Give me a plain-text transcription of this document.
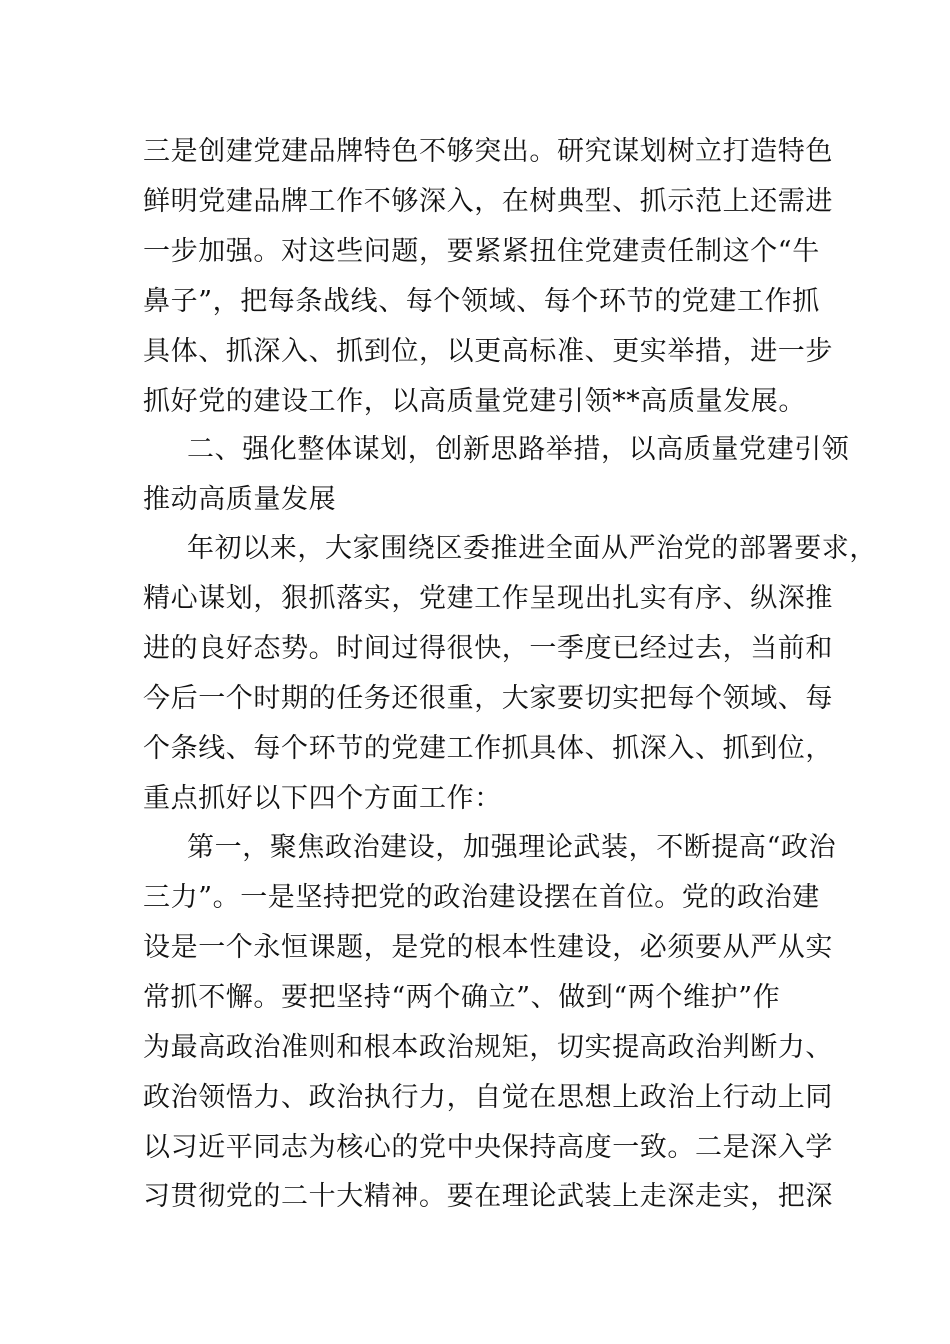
三是创建党建品牌特色不够突出。研究谋划树立打造特色
鲜明党建品牌工作不够深入，在树典型、抓示范上还需进
一步加强。对这些问题，要紧紧扭住党建责任制这个“牛
鼻子”，把每条战线、每个领域、每个环节的党建工作抓
具体、抓深入、抓到位，以更高标准、更实举措，进一步
抓好党的建设工作，以高质量党建引领**高质量发展。
二、强化整体谋划，创新思路举措，以高质量党建引领
推动高质量发展
年初以来，大家围绕区委推进全面从严治党的部署要求，
精心谋划，狠抓落实，党建工作呈现出扎实有序、纵深推
进的良好态势。时间过得很快，一季度已经过去，当前和
今后一个时期的任务还很重，大家要切实把每个领域、每
个条线、每个环节的党建工作抓具体、抓深入、抓到位，
重点抓好以下四个方面工作：
第一，聚焦政治建设，加强理论武装，不断提高“政治
三力”。一是坚持把党的政治建设摆在首位。党的政治建
设是一个永恒课题，是党的根本性建设，必须要从严从实
常抓不懈。要把坚持“两个确立”、做到“两个维护”作
为最高政治准则和根本政治规矩，切实提高政治判断力、
政治领悟力、政治执行力，自觉在思想上政治上行动上同
以习近平同志为核心的党中央保持高度一致。二是深入学
习贯彻党的二十大精神。要在理论武装上走深走实，把深
